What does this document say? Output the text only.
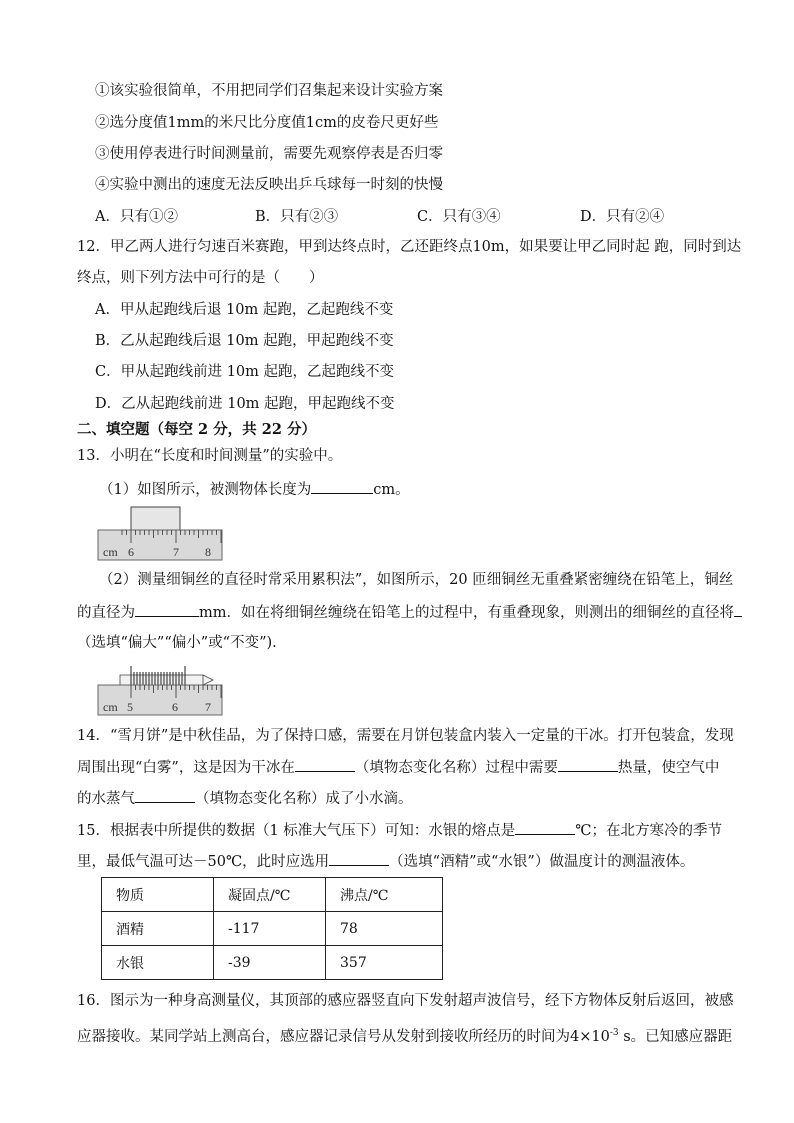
①该实验很简单，不用把同学们召集起来设计实验方案
②选分度值1mm的米尺比分度值1cm的皮卷尺更好些
③使用停表进行时间测量前，需要先观察停表是否归零
④实验中测出的速度无法反映出乒乓球每一时刻的快慢
A．只有①②	B．只有②③	C．只有③④	D．只有②④
12．甲乙两人进行匀速百米赛跑，甲到达终点时，乙还距终点10m，如果要让甲乙同时起 跑，同时到达
终点，则下列方法中可行的是（　　）
A．甲从起跑线后退 10m 起跑，乙起跑线不变
B．乙从起跑线后退 10m 起跑，甲起跑线不变
C．甲从起跑线前进 10m 起跑，乙起跑线不变
D．乙从起跑线前进 10m 起跑，甲起跑线不变
二、填空题（每空 2 分，共 22 分）
13．小明在“长度和时间测量”的实验中。
（1）如图所示，被测物体长度为	cm。
cm 6	7 8
（2）测量细铜丝的直径时常采用累积法”，如图所示，20 匝细铜丝无重叠紧密缠绕在铅笔上，铜丝
的直径为	mm．如在将细铜丝缠绕在铅笔上的过程中，有重叠现象，则测出的细铜丝的直径将
（选填“偏大”“偏小”或“不变”).
cm 5	6 7
14．“雪月饼”是中秋佳品，为了保持口感，需要在月饼包装盒内装入一定量的干冰。打开包装盒，发现
周围出现“白雾”，这是因为干冰在	（填物态变化名称）过程中需要	热量，使空气中
的水蒸气	（填物态变化名称）成了小水滴。
15．根据表中所提供的数据（1 标准大气压下）可知：水银的熔点是	℃；在北方寒冷的季节
里，最低气温可达－50℃，此时应选用	（选填“酒精”或“水银”）做温度计的测温液体。
物质	凝固点/℃	沸点/℃
酒精	-117	78
水银	-39	357
16．图示为一种身高测量仪，其顶部的感应器竖直向下发射超声波信号，经下方物体反射后返回，被感
应器接收。某同学站上测高台，感应器记录信号从发射到接收所经历的时间为$4\times 10^{-3}$ s。已知感应器距
